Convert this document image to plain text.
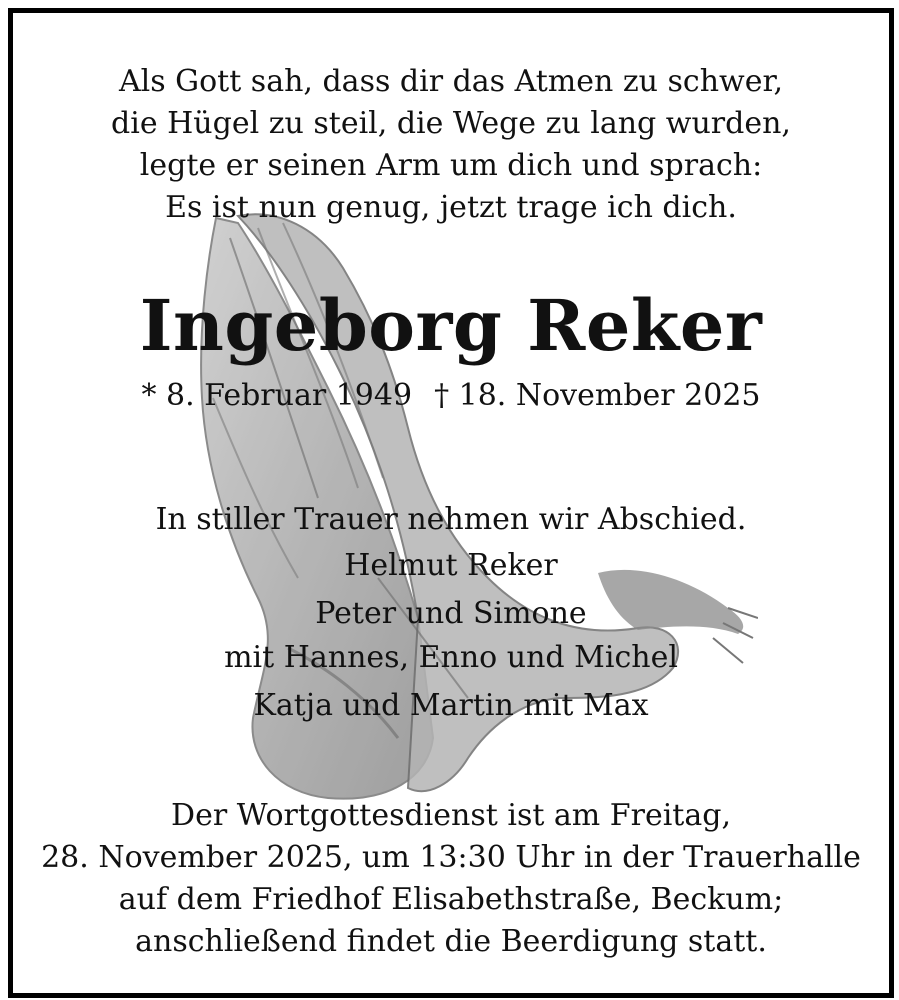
Als Gott sah, dass dir das Atmen zu schwer,
die Hügel zu steil, die Wege zu lang wurden,
legte er seinen Arm um dich und sprach:
Es ist nun genug, jetzt trage ich dich.
Ingeborg Reker
* 8. Februar 1949 † 18. November 2025
In stiller Trauer nehmen wir Abschied.
Helmut Reker
Peter und Simone
mit Hannes, Enno und Michel
Katja und Martin mit Max
Der Wortgottesdienst ist am Freitag,
28. November 2025, um 13:30 Uhr in der Trauerhalle
auf dem Friedhof Elisabethstraße, Beckum;
anschließend findet die Beerdigung statt.
